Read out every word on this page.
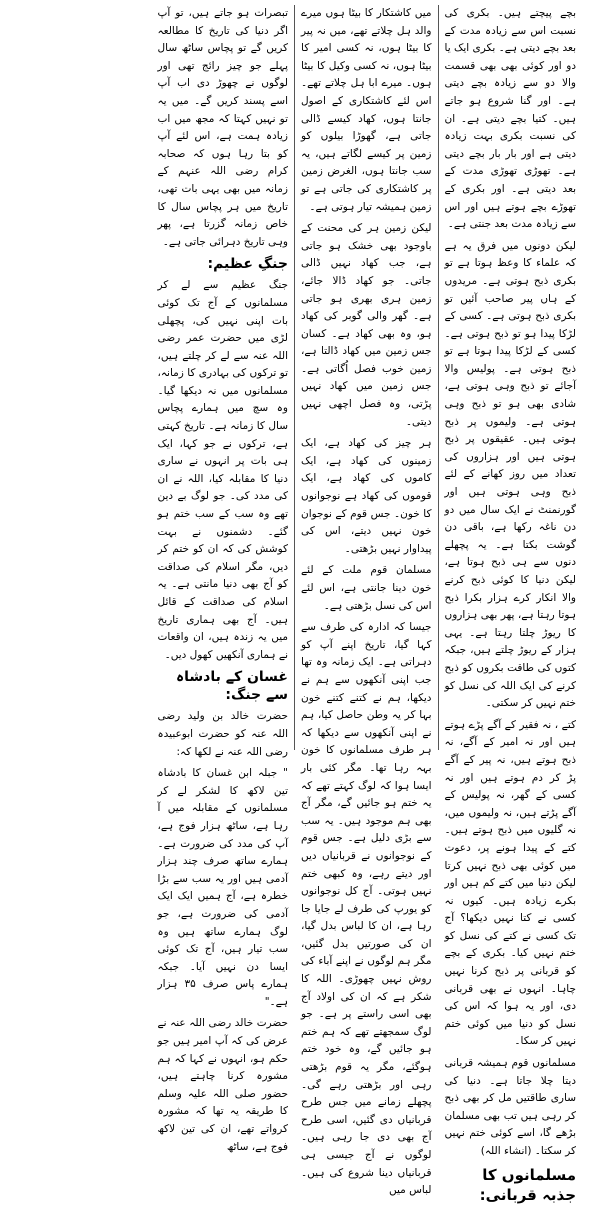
بچے پیچتے ہیں۔ بکری کی نسبت اس سے زیادہ مدت کے بعد بچے دیتی ہے۔ بکری ایک یا دو اور کوئی بھی بھی قسمت والا دو سے زیادہ بچے دیتی ہے۔ اور گنا شروع ہو جاتے ہیں۔ کتیا بچے دیتی ہے۔ ان کی نسبت بکری بہت زیادہ دیتی ہے اور بار بار بچے دیتی ہے۔ تھوڑی تھوڑی مدت کے بعد دیتی ہے۔ اور بکری کے تھوڑے بچے ہوتے ہیں اور اس سے زیادہ مدت بعد جنتی ہے۔

لیکن دونوں میں فرق یہ ہے کہ علماء کا وعظ ہوتا ہے تو بکری ذبح ہوتی ہے۔ مریدوں کے ہاں پیر صاحب آئیں تو بکری ذبح ہوتی ہے۔ کسی کے لڑکا پیدا ہو تو ذبح ہوتی ہے۔ کسی کے لڑکا پیدا ہوتا ہے تو ذبح ہوتی ہے۔ پولیس والا آجائے تو ذبح وہی ہوتی ہے، شادی بھی ہو تو ذبح وہی ہوتی ہے۔ ولیموں پر ذبح ہوتی ہیں۔ عقیقوں پر ذبح ہوتی ہیں اور ہزاروں کی تعداد میں روز کھانے کے لئے ذبح وہی ہوتی ہیں اور گورنمنٹ نے ایک سال میں دو دن ناغہ رکھا ہے، باقی دن گوشت بکتا ہے۔ یہ پچھلے دنوں سے ہی ذبح ہوتا ہے، لیکن دنیا کا کوئی ذبح کرنے والا انکار کرے ہزار بکرا ذبح ہوتا رہتا ہے، پھر بھی ہزاروں کا ریوڑ چلتا رہتا ہے۔ یہی ہزار کے ریوڑ چلتے ہیں، جبکہ کتوں کی طاقت بکروں کو ذبح کرنے کی ایک اللہ کی نسل کو ختم نہیں کر سکتی۔

کتے ، نہ فقیر کے آگے پڑے ہوتے ہیں اور نہ امیر کے آگے، نہ ذبح ہوتے ہیں، نہ پیر کے آگے پڑ کر دم ہوتے ہیں اور نہ کسی کے گھر، نہ پولیس کے آگے پڑتے ہیں، نہ ولیموں میں، نہ گلیوں میں ذبح ہوتے ہیں۔ کتے کے پیدا ہونے پر، دعوت میں کوئی بھی ذبح نہیں کرتا لیکن دنیا میں کتے کم ہیں اور بکرے زیادہ ہیں۔ کیوں نہ کسی نے کتا نہیں دیکھا؟ آج تک کسی نے کتے کی نسل کو ختم نہیں کیا۔ بکری کے بچے کو قربانی پر ذبح کرنا نہیں چاہا۔ انہوں نے بھی قربانی دی، اور یہ ہوا کہ اس کی نسل کو دنیا میں کوئی ختم نہیں کر سکا۔

مسلمانوں قوم ہمیشہ قربانی دیتا چلا جاتا ہے۔ دنیا کی ساری طاقتیں مل کر بھی ذبح کر رہی ہیں تب بھی مسلمان بڑھے گا، اسے کوئی ختم نہیں کر سکتا۔ (انشاء اللہ)

مسلمانوں کا جذبہ قربانی:

میں کاشتکار کا بیٹا ہوں میرے والد ہل چلاتے تھے، میں نہ پیر کا بیٹا ہوں، نہ کسی امیر کا بیٹا ہوں، نہ کسی وکیل کا بیٹا ہوں۔ میرے ابا ہل چلاتے تھے۔ اس لئے کاشتکاری کے اصول جانتا ہوں، کھاد کیسے ڈالی جاتی ہے، گھوڑا بیلوں کو زمین پر کیسے لگاتے ہیں، یہ سب جانتا ہوں، الغرض زمین پر کاشتکاری کی جاتی ہے تو زمین ہمیشہ تیار ہوتی ہے۔

لیکن زمین ہر کی محنت کے باوجود بھی خشک ہو جاتی ہے، جب کھاد نہیں ڈالی جاتی۔ جو کھاد ڈالا جائے، زمین ہری بھری ہو جاتی ہے۔ گھر والی گوبر کی کھاد ہو، وہ بھی کھاد ہے۔ کسان جس زمین میں کھاد ڈالتا ہے، زمین خوب فصل اُگاتی ہے۔ جس زمین میں کھاد نہیں پڑتی، وہ فصل اچھی نہیں دیتی۔

ہر چیز کی کھاد ہے، ایک زمینوں کی کھاد ہے، ایک کاموں کی کھاد ہے، ایک قوموں کی کھاد ہے نوجوانوں کا خون۔ جس قوم کے نوجوان خون نہیں دیتے، اس کی پیداوار نہیں بڑھتی۔

مسلمان قوم ملت کے لئے خون دینا جانتی ہے، اس لئے اس کی نسل بڑھتی ہے۔

جیسا کہ ادارہ کی طرف سے کہا گیا، تاریخ اپنے آپ کو دہراتی ہے۔ ایک زمانہ وہ تھا جب اپنی آنکھوں سے ہم نے دیکھا، ہم نے کتنے کتنے خون بہا کر یہ وطن حاصل کیا، ہم نے اپنی آنکھوں سے دیکھا کہ ہر طرف مسلمانوں کا خون بہہ رہا تھا۔ مگر کئی بار ایسا ہوا کہ لوگ کہتے تھے کہ یہ ختم ہو جائیں گے، مگر آج بھی ہم موجود ہیں۔ یہ سب سے بڑی دلیل ہے۔ جس قوم کے نوجوانوں نے قربانیاں دیں اور دیتے رہے، وہ کبھی ختم نہیں ہوتی۔ آج کل نوجوانوں کو یورپ کی طرف لے جایا جا رہا ہے، ان کا لباس بدل گیا، ان کی صورتیں بدل گئیں، مگر ہم لوگوں نے اپنے آباء کی روش نہیں چھوڑی۔ اللہ کا شکر ہے کہ ان کی اولاد آج بھی اسی راستے پر ہے۔ جو لوگ سمجھتے تھے کہ ہم ختم ہو جائیں گے، وہ خود ختم ہوگئے، مگر یہ قوم بڑھتی رہی اور بڑھتی رہے گی۔ پچھلے زمانے میں جس طرح قربانیاں دی گئیں، اسی طرح آج بھی دی جا رہی ہیں۔ لوگوں نے آج جیسی ہی قربانیاں دینا شروع کی ہیں۔ لباس میں

تبصرات ہو جاتے ہیں، تو آپ اگر دنیا کی تاریخ کا مطالعہ کریں گے تو پچاس ساٹھ سال پہلے جو چیز رائج تھی اور لوگوں نے چھوڑ دی اب آپ اسے پسند کریں گے۔ میں یہ تو نہیں کہتا کہ مجھ میں اب زیادہ ہمت ہے، اس لئے آپ کو بتا رہا ہوں کہ صحابہ کرام رضی اللہ عنہم کے زمانہ میں بھی یہی بات تھی، تاریخ میں ہر پچاس سال کا خاص زمانہ گزرتا ہے، پھر وہی تاریخ دہرائی جاتی ہے۔

جنگِ عظیم:

جنگ عظیم سے لے کر مسلمانوں کے آج تک کوئی بات اپنی نہیں کی، پچھلی لڑی میں حضرت عمر رضی اللہ عنہ سے لے کر چلتے ہیں، تو ترکوں کی بہادری کا زمانہ، مسلمانوں میں نہ دیکھا گیا۔ وہ سچ میں ہمارے پچاس سال کا زمانہ ہے۔ تاریخ کہتی ہے، ترکوں نے جو کہا، ایک ہی بات پر انہوں نے ساری دنیا کا مقابلہ کیا، اللہ نے ان کی مدد کی۔ جو لوگ بے دین تھے وہ سب کے سب ختم ہو گئے۔ دشمنوں نے بہت کوشش کی کہ ان کو ختم کر دیں، مگر اسلام کی صداقت کو آج بھی دنیا مانتی ہے۔ یہ اسلام کی صداقت کے قائل ہیں۔ آج بھی ہماری تاریخ میں یہ زندہ ہیں، ان واقعات نے ہماری آنکھیں کھول دیں۔

غسان کے بادشاہ سے جنگ:

حضرت خالد بن ولید رضی اللہ عنہ کو حضرت ابوعبیدہ رضی اللہ عنہ نے لکھا کہ:

" جبلہ ابن غسان کا بادشاہ تین لاکھ کا لشکر لے کر مسلمانوں کے مقابلہ میں آ رہا ہے، ساٹھ ہزار فوج ہے، آپ کی مدد کی ضرورت ہے۔ ہمارے ساتھ صرف چند ہزار آدمی ہیں اور یہ سب سے بڑا خطرہ ہے، آج ہمیں ایک ایک آدمی کی ضرورت ہے، جو لوگ ہمارے ساتھ ہیں وہ سب تیار ہیں، آج تک کوئی ایسا دن نہیں آیا۔ جبکہ ہمارے پاس صرف ۳۵ ہزار ہے۔"

حضرت خالد رضی اللہ عنہ نے عرض کی کہ آپ امیر ہیں جو حکم ہو، انہوں نے کہا کہ ہم مشورہ کرنا چاہتے ہیں، حضور صلی اللہ علیہ وسلم کا طریقہ یہ تھا کہ مشورہ کرواتے تھے، ان کی تین لاکھ فوج ہے، ساٹھ
